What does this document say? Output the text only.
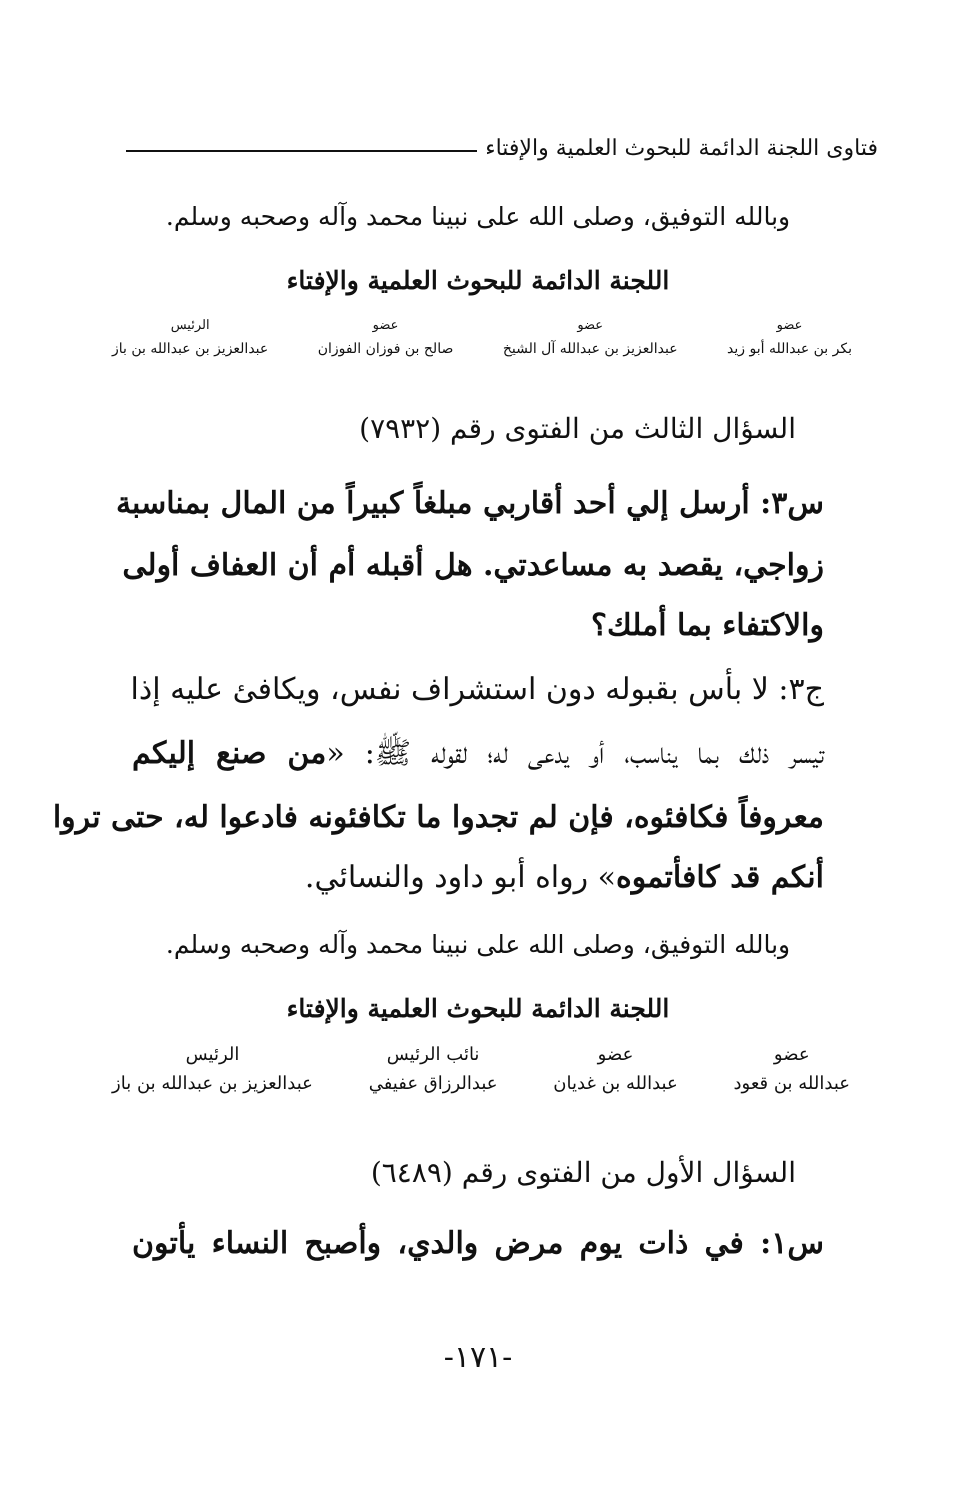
فتاوى اللجنة الدائمة للبحوث العلمية والإفتاء
وبالله التوفيق، وصلى الله على نبينا محمد وآله وصحبه وسلم.
اللجنة الدائمة للبحوث العلمية والإفتاء
عضو
بكر بن عبدالله أبو زيد
عضو
عبدالعزيز بن عبدالله آل الشيخ
عضو
صالح بن فوزان الفوزان
الرئيس
عبدالعزيز بن عبدالله بن باز
السؤال الثالث من الفتوى رقم (٧٩٣٢)
س٣: أرسل إلي أحد أقاربي مبلغاً كبيراً من المال بمناسبة
زواجي، يقصد به مساعدتي. هل أقبله أم أن العفاف أولى
والاكتفاء بما أملك؟
ج٣: لا بأس بقبوله دون استشراف نفس، ويكافئ عليه إذا
تيسر ذلك بما يناسب، أو يدعى له؛ لقوله ﷺ: «من صنع إليكم
معروفاً فكافئوه، فإن لم تجدوا ما تكافئونه فادعوا له، حتى تروا
أنكم قد كافأتموه» رواه أبو داود والنسائي.
وبالله التوفيق، وصلى الله على نبينا محمد وآله وصحبه وسلم.
اللجنة الدائمة للبحوث العلمية والإفتاء
عضو
عبدالله بن قعود
عضو
عبدالله بن غديان
نائب الرئيس
عبدالرزاق عفيفي
الرئيس
عبدالعزيز بن عبدالله بن باز
السؤال الأول من الفتوى رقم (٦٤٨٩)
س١: في ذات يوم مرض والدي، وأصبح النساء يأتون
-١٧١-
